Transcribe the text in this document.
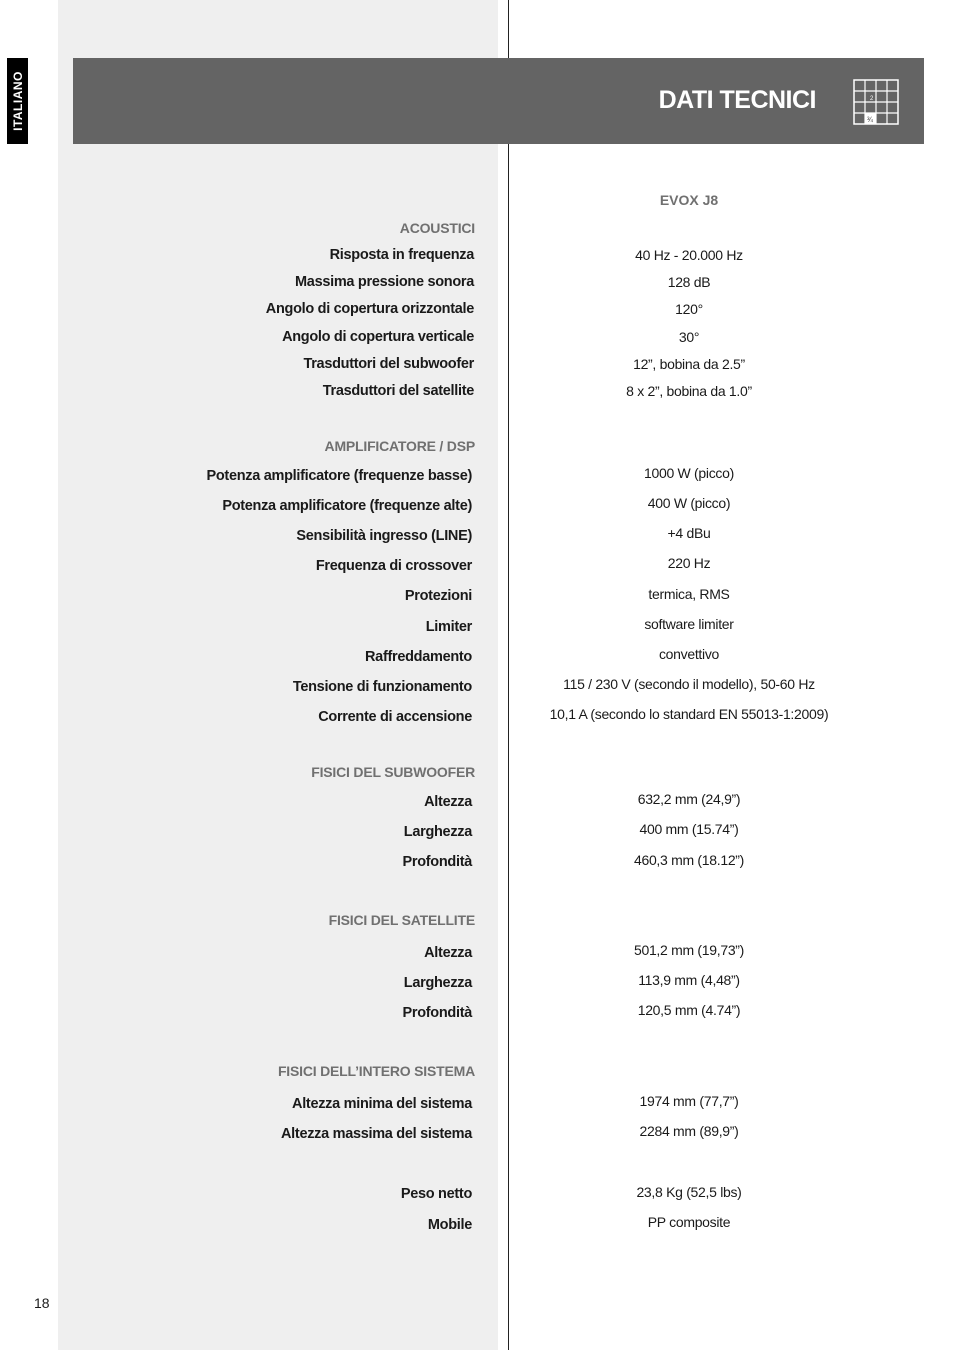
ITALIANO	DATI TECNICI	2
¾
EVOX J8
ACOUSTICI
Risposta in frequenza	40 Hz - 20.000 Hz
Massima pressione sonora	128 dB
Angolo di copertura orizzontale	120°
Angolo di copertura verticale	30°
Trasduttori del subwoofer	12”, bobina da 2.5”
Trasduttori del satellite	8 x 2”, bobina da 1.0”
AMPLIFICATORE / DSP
Potenza amplificatore (frequenze basse)	1000 W (picco)
Potenza amplificatore (frequenze alte)	400 W (picco)
Sensibilità ingresso (LINE)	+4 dBu
Frequenza di crossover	220 Hz
Protezioni	termica, RMS
Limiter	software limiter
Raffreddamento	convettivo
Tensione di funzionamento	115 / 230 V (secondo il modello), 50-60 Hz
Corrente di accensione	10,1 A (secondo lo standard EN 55013-1:2009)
FISICI DEL SUBWOOFER
Altezza	632,2 mm (24,9”)
Larghezza	400 mm (15.74”)
Profondità	460,3 mm (18.12”)
FISICI DEL SATELLITE
Altezza	501,2 mm (19,73”)
Larghezza	113,9 mm (4,48”)
Profondità	120,5 mm (4.74”)
FISICI DELL’INTERO SISTEMA
Altezza minima del sistema	1974 mm (77,7”)
Altezza massima del sistema	2284 mm (89,9”)
Peso netto	23,8 Kg (52,5 lbs)
Mobile	PP composite
18
